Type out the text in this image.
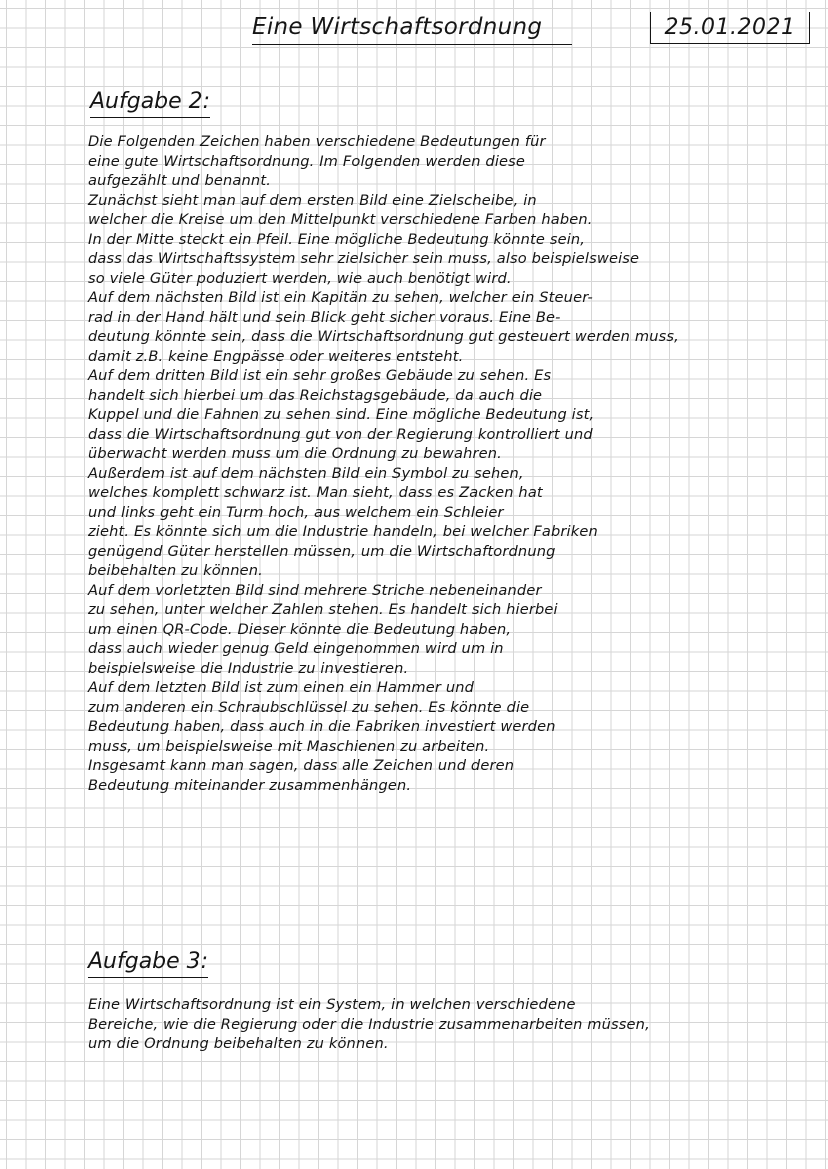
Eine Wirtschaftsordnung	25.01.2021
Aufgabe 2:
Die Folgenden Zeichen haben verschiedene Bedeutungen für
eine gute Wirtschaftsordnung. Im Folgenden werden diese
aufgezählt und benannt.
Zunächst sieht man auf dem ersten Bild eine Zielscheibe, in
welcher die Kreise um den Mittelpunkt verschiedene Farben haben.
In der Mitte steckt ein Pfeil. Eine mögliche Bedeutung könnte sein,
dass das Wirtschaftssystem sehr zielsicher sein muss, also beispielsweise
so viele Güter poduziert werden, wie auch benötigt wird.
Auf dem nächsten Bild ist ein Kapitän zu sehen, welcher ein Steuer-
rad in der Hand hält und sein Blick geht sicher voraus. Eine Be-
deutung könnte sein, dass die Wirtschaftsordnung gut gesteuert werden muss,
damit z.B. keine Engpässe oder weiteres entsteht.
Auf dem dritten Bild ist ein sehr großes Gebäude zu sehen. Es
handelt sich hierbei um das Reichstagsgebäude, da auch die
Kuppel und die Fahnen zu sehen sind. Eine mögliche Bedeutung ist,
dass die Wirtschaftsordnung gut von der Regierung kontrolliert und
überwacht werden muss um die Ordnung zu bewahren.
Außerdem ist auf dem nächsten Bild ein Symbol zu sehen,
welches komplett schwarz ist. Man sieht, dass es Zacken hat
und links geht ein Turm hoch, aus welchem ein Schleier
zieht. Es könnte sich um die Industrie handeln, bei welcher Fabriken
genügend Güter herstellen müssen, um die Wirtschaftordnung
beibehalten zu können.
Auf dem vorletzten Bild sind mehrere Striche nebeneinander
zu sehen, unter welcher Zahlen stehen. Es handelt sich hierbei
um einen QR-Code. Dieser könnte die Bedeutung haben,
dass auch wieder genug Geld eingenommen wird um in
beispielsweise die Industrie zu investieren.
Auf dem letzten Bild ist zum einen ein Hammer und
zum anderen ein Schraubschlüssel zu sehen. Es könnte die
Bedeutung haben, dass auch in die Fabriken investiert werden
muss, um beispielsweise mit Maschienen zu arbeiten.
Insgesamt kann man sagen, dass alle Zeichen und deren
Bedeutung miteinander zusammenhängen.
Aufgabe 3:
Eine Wirtschaftsordnung ist ein System, in welchen verschiedene
Bereiche, wie die Regierung oder die Industrie zusammenarbeiten müssen,
um die Ordnung beibehalten zu können.
